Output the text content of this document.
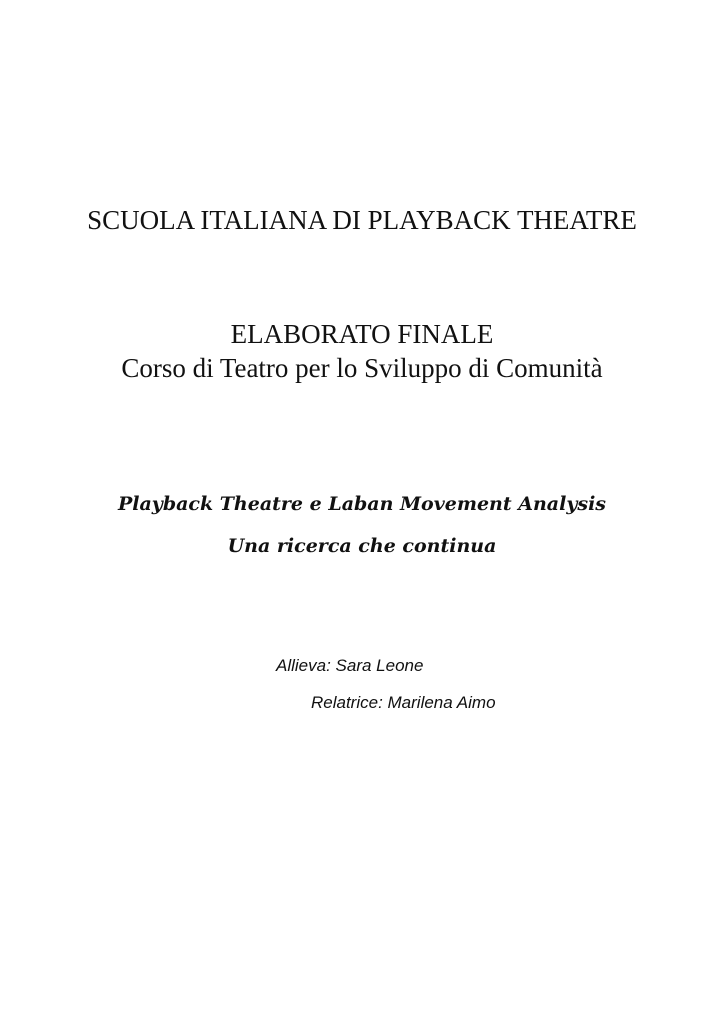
SCUOLA ITALIANA DI PLAYBACK THEATRE
ELABORATO FINALE
Corso di Teatro per lo Sviluppo di Comunità
Playback Theatre e Laban Movement Analysis
Una ricerca che continua
Allieva: Sara Leone
Relatrice: Marilena Aimo
